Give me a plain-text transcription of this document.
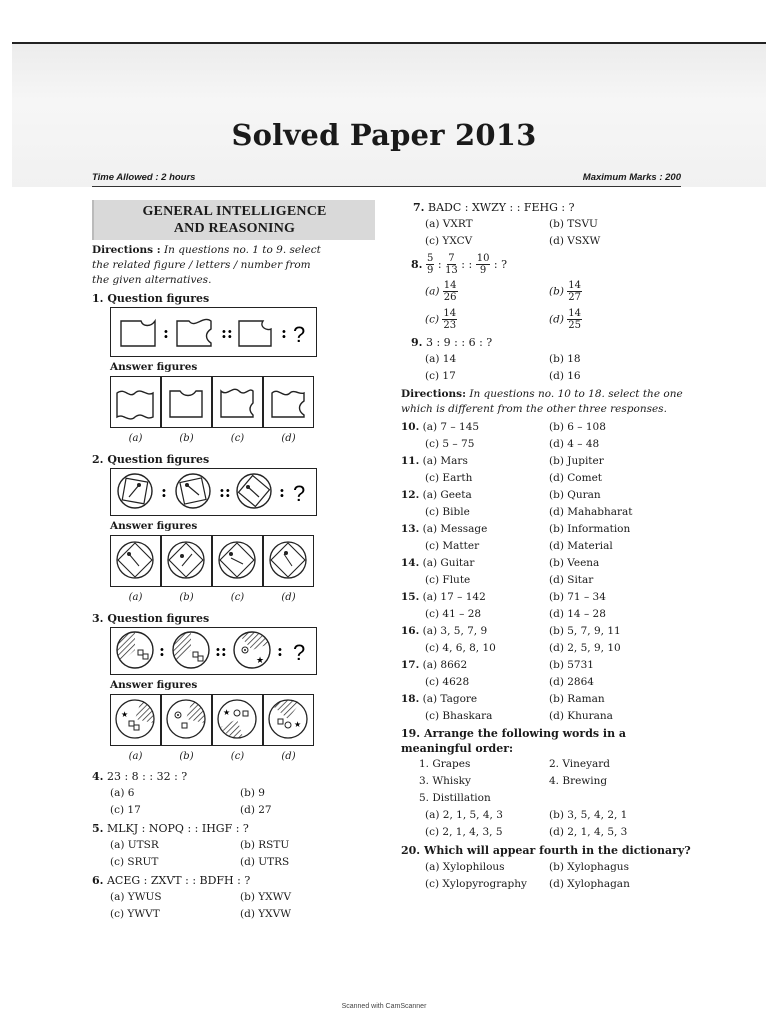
Solved Paper 2013
Time Allowed : 2 hours	Maximum Marks : 200
GENERAL INTELLIGENCE
AND REASONING
Directions : In questions no. 1 to 9. select the related figure / letters / number from the given alternatives.
1. Question figures
:	::	: ?
Answer figures
(a)	(b)	(c)	(d)
2. Question figures
:	::	: ?
Answer figures
(a)	(b)	(c)	(d)
3. Question figures
:	::
★
: ?
Answer figures
★	★
★
(a)	(b)	(c)	(d)
4. 23 : 8 : : 32 : ?
(a) 6	(b) 9
(c) 17	(d) 27
5. MLKJ : NOPQ : : IHGF : ?
(a) UTSR	(b) RSTU
(c) SRUT	(d) UTRS
6. ACEG : ZXVT : : BDFH : ?
(a) YWUS	(b) YXWV
(c) YWVT	(d) YXVW
7. BADC : XWZY : : FEHG : ?
(a) VXRT	(b) TSVU
(c) YXCV	(d) VSXW
8.
$\frac{5}{9}$ : $\frac{7}{13}$ : : $\frac{10}{9}$ : ?
$(a) \frac{14}{26}$	$(b) \frac{14}{27}$
$(c) \frac{14}{23}$	$(d) \frac{14}{25}$
9. 3 : 9 : : 6 : ?
(a) 14	(b) 18
(c) 17	(d) 16
Directions: In questions no. 10 to 18. select the one which is different from the other three responses.
10. (a) 7 – 145	(b) 6 – 108
(c) 5 – 75	(d) 4 – 48
11. (a) Mars	(b) Jupiter
(c) Earth	(d) Comet
12. (a) Geeta	(b) Quran
(c) Bible	(d) Mahabharat
13. (a) Message	(b) Information
(c) Matter	(d) Material
14. (a) Guitar	(b) Veena
(c) Flute	(d) Sitar
15. (a) 17 – 142	(b) 71 – 34
(c) 41 – 28	(d) 14 – 28
16. (a) 3, 5, 7, 9	(b) 5, 7, 9, 11
(c) 4, 6, 8, 10	(d) 2, 5, 9, 10
17. (a) 8662	(b) 5731
(c) 4628	(d) 2864
18. (a) Tagore	(b) Raman
(c) Bhaskara	(d) Khurana
19. Arrange the following words in a meaningful order:
1. Grapes	2. Vineyard
3. Whisky	4. Brewing
5. Distillation
(a) 2, 1, 5, 4, 3	(b) 3, 5, 4, 2, 1
(c) 2, 1, 4, 3, 5	(d) 2, 1, 4, 5, 3
20. Which will appear fourth in the dictionary?
(a) Xylophilous	(b) Xylophagus
(c) Xylopyrography	(d) Xylophagan
Scanned with CamScanner
